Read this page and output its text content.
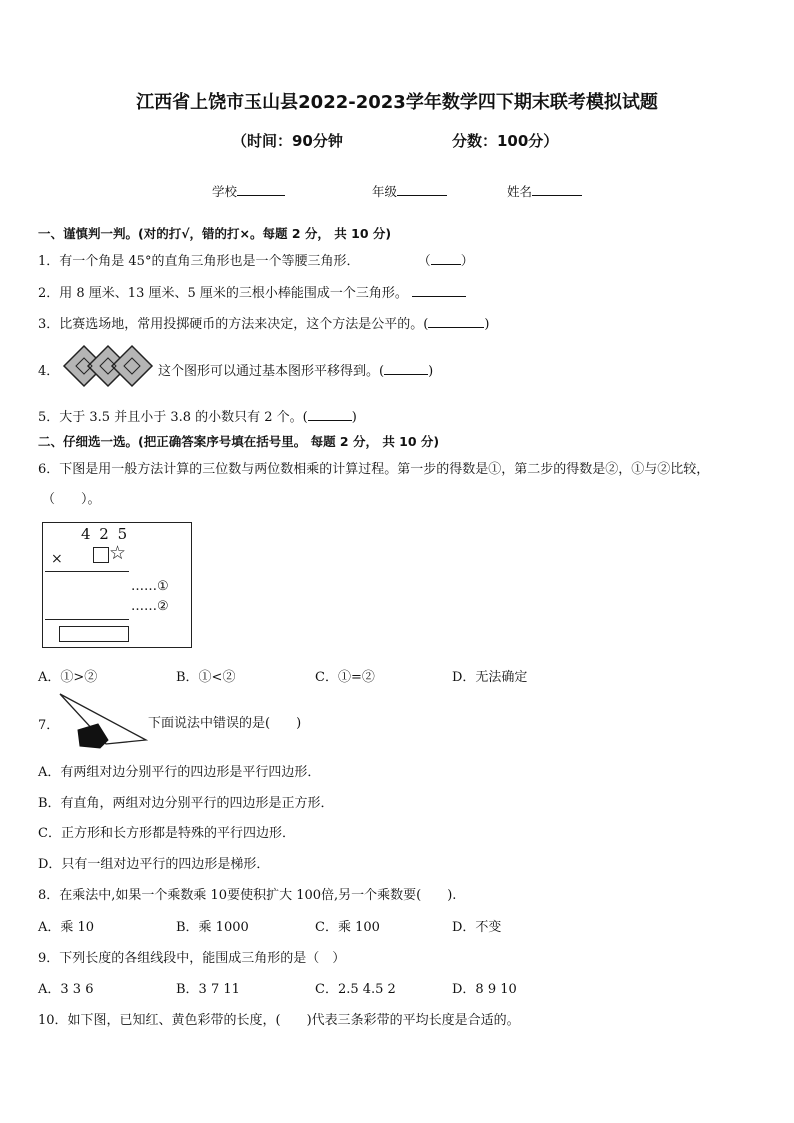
江西省上饶市玉山县2022-2023学年数学四下期末联考模拟试题
（时间：90分钟	分数：100分）
学校	年级	姓名
一、谨慎判一判。(对的打√，错的打×。每题 2 分， 共 10 分)
1．有一个角是 45°的直角三角形也是一个等腰三角形．	（ ）
2．用 8 厘米、13 厘米、5 厘米的三根小棒能围成一个三角形。
3．比赛选场地，常用投掷硬币的方法来决定，这个方法是公平的。(	)
4．	这个图形可以通过基本图形平移得到。(	)
5．大于 3.5 并且小于 3.8 的小数只有 2 个。(	)
二、仔细选一选。(把正确答案序号填在括号里。 每题 2 分， 共 10 分)
6．下图是用一般方法计算的三位数与两位数相乘的计算过程。第一步的得数是①，第二步的得数是②，①与②比较，
（　　）。
4 2 5
× ☆
……①
……②
A．①>②	B．①<②	C．①=②	D．无法确定
7．	下面说法中错误的是(　　)
A．有两组对边分别平行的四边形是平行四边形．
B．有直角，两组对边分别平行的四边形是正方形．
C．正方形和长方形都是特殊的平行四边形．
D．只有一组对边平行的四边形是梯形．
8．在乘法中,如果一个乘数乘 10要使积扩大 100倍,另一个乘数要(　　).
A．乘 10	B．乘 1000	C．乘 100	D．不变
9．下列长度的各组线段中，能围成三角形的是（　）
A．3 3 6	B．3 7 11	C．2.5 4.5 2	D．8 9 10
10．如下图，已知红、黄色彩带的长度，(　　)代表三条彩带的平均长度是合适的。
